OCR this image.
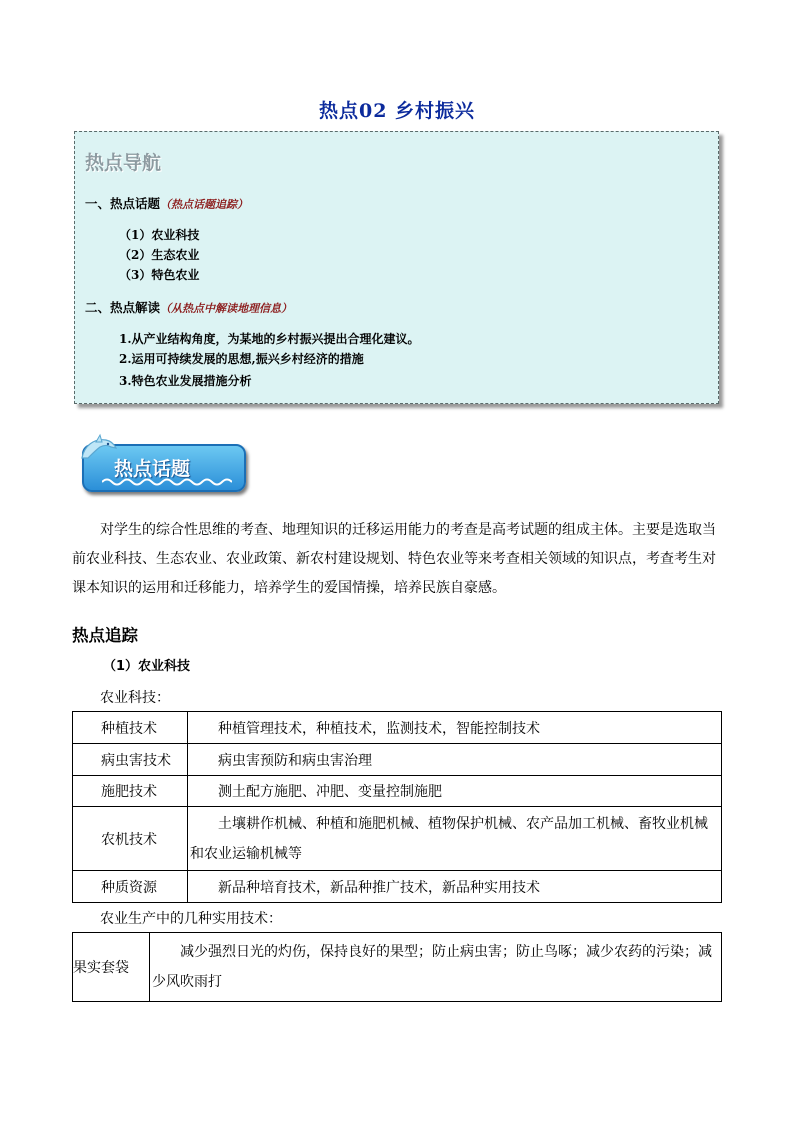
热点02 乡村振兴
热点导航
一、热点话题（热点话题追踪）
（1）农业科技
（2）生态农业
（3）特色农业
二、热点解读（从热点中解读地理信息）
1.从产业结构角度，为某地的乡村振兴提出合理化建议。
2.运用可持续发展的思想,振兴乡村经济的措施
3.特色农业发展措施分析
热点话题
对学生的综合性思维的考查、地理知识的迁移运用能力的考查是高考试题的组成主体。主要是选取当前农业科技、生态农业、农业政策、新农村建设规划、特色农业等来考查相关领域的知识点，考查考生对课本知识的运用和迁移能力，培养学生的爱国情操，培养民族自豪感。
热点追踪
（1）农业科技
农业科技：
种植技术	种植管理技术，种植技术，监测技术，智能控制技术
病虫害技术	病虫害预防和病虫害治理
施肥技术	测土配方施肥、冲肥、变量控制施肥
农机技术	土壤耕作机械、种植和施肥机械、植物保护机械、农产品加工机械、畜牧业机械和农业运输机械等
种质资源	新品种培育技术，新品种推广技术，新品种实用技术
农业生产中的几种实用技术：
果实套袋	减少强烈日光的灼伤，保持良好的果型；防止病虫害；防止鸟啄；减少农药的污染；减少风吹雨打
